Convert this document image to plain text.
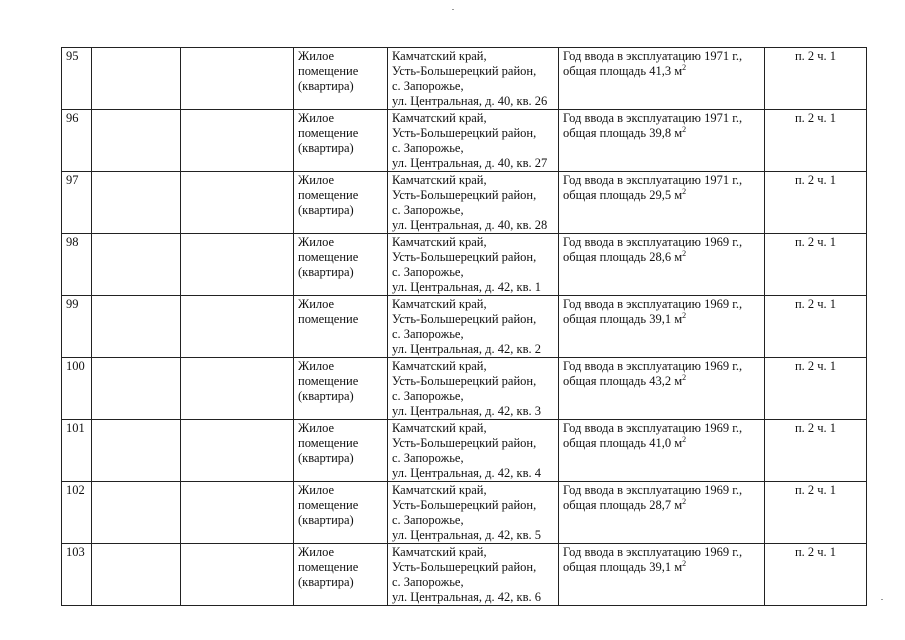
95			Жилое
помещение
(квартира)	Камчатский край,
Усть-Большерецкий район,
с. Запорожье,
ул. Центральная, д. 40, кв. 26	Год ввода в эксплуатацию 1971 г.,
общая площадь 41,3 $м^2$	п. 2 ч. 1
96			Жилое
помещение
(квартира)	Камчатский край,
Усть-Большерецкий район,
с. Запорожье,
ул. Центральная, д. 40, кв. 27	Год ввода в эксплуатацию 1971 г.,
общая площадь 39,8 $м^2$	п. 2 ч. 1
97			Жилое
помещение
(квартира)	Камчатский край,
Усть-Большерецкий район,
с. Запорожье,
ул. Центральная, д. 40, кв. 28	Год ввода в эксплуатацию 1971 г.,
общая площадь 29,5 $м^2$	п. 2 ч. 1
98			Жилое
помещение
(квартира)	Камчатский край,
Усть-Большерецкий район,
с. Запорожье,
ул. Центральная, д. 42, кв. 1	Год ввода в эксплуатацию 1969 г.,
общая площадь 28,6 $м^2$	п. 2 ч. 1
99			Жилое
помещение	Камчатский край,
Усть-Большерецкий район,
с. Запорожье,
ул. Центральная, д. 42, кв. 2	Год ввода в эксплуатацию 1969 г.,
общая площадь 39,1 $м^2$	п. 2 ч. 1
100			Жилое
помещение
(квартира)	Камчатский край,
Усть-Большерецкий район,
с. Запорожье,
ул. Центральная, д. 42, кв. 3	Год ввода в эксплуатацию 1969 г.,
общая площадь 43,2 $м^2$	п. 2 ч. 1
101			Жилое
помещение
(квартира)	Камчатский край,
Усть-Большерецкий район,
с. Запорожье,
ул. Центральная, д. 42, кв. 4	Год ввода в эксплуатацию 1969 г.,
общая площадь 41,0 $м^2$	п. 2 ч. 1
102			Жилое
помещение
(квартира)	Камчатский край,
Усть-Большерецкий район,
с. Запорожье,
ул. Центральная, д. 42, кв. 5	Год ввода в эксплуатацию 1969 г.,
общая площадь 28,7 $м^2$	п. 2 ч. 1
103			Жилое
помещение
(квартира)	Камчатский край,
Усть-Большерецкий район,
с. Запорожье,
ул. Центральная, д. 42, кв. 6	Год ввода в эксплуатацию 1969 г.,
общая площадь 39,1 $м^2$	п. 2 ч. 1
